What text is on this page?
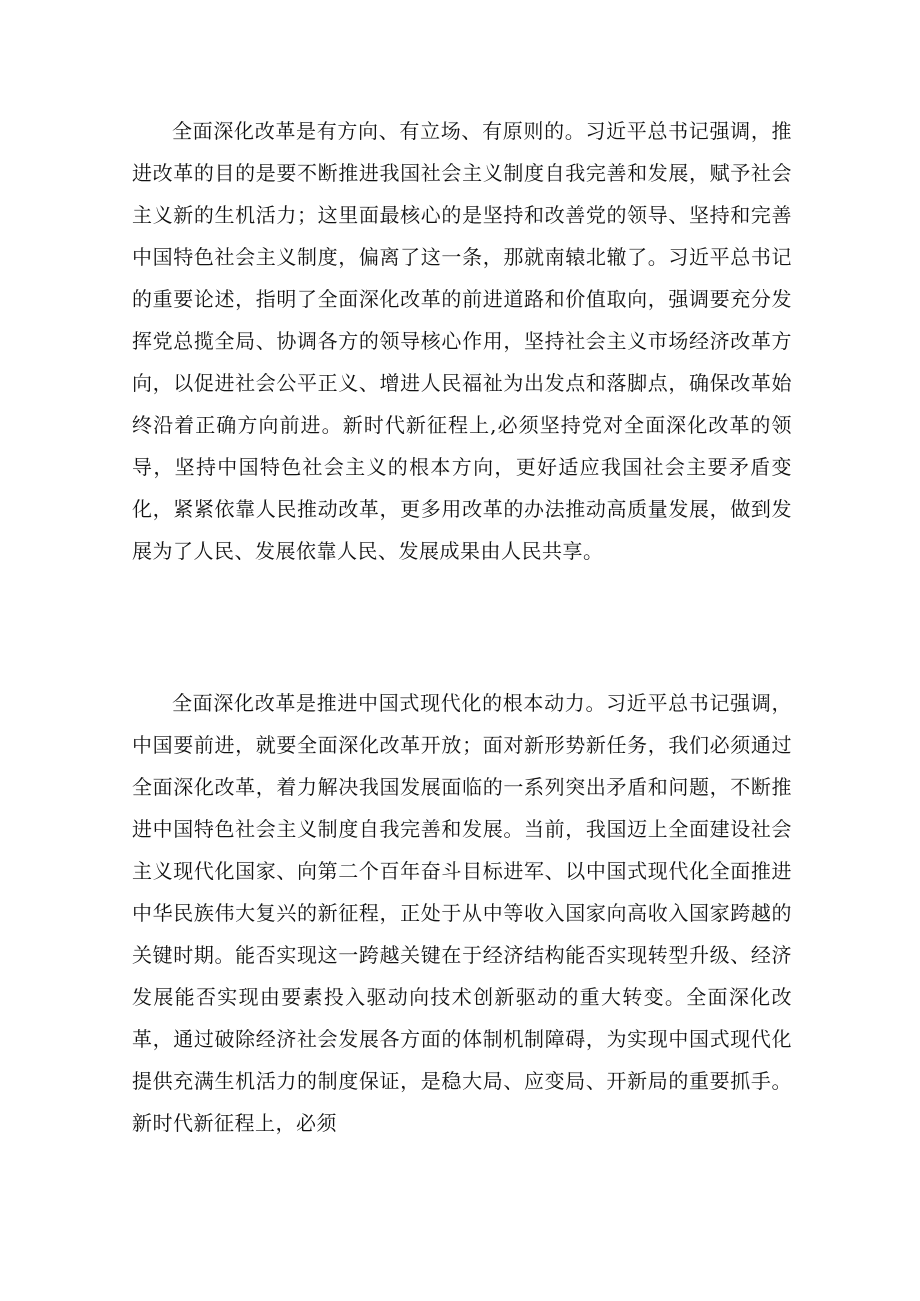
全面深化改革是有方向、有立场、有原则的。习近平总书记强调，推进改革的目的是要不断推进我国社会主义制度自我完善和发展，赋予社会主义新的生机活力；这里面最核心的是坚持和改善党的领导、坚持和完善中国特色社会主义制度，偏离了这一条，那就南辕北辙了。习近平总书记的重要论述，指明了全面深化改革的前进道路和价值取向，强调要充分发挥党总揽全局、协调各方的领导核心作用，坚持社会主义市场经济改革方向，以促进社会公平正义、增进人民福祉为出发点和落脚点，确保改革始终沿着正确方向前进。新时代新征程上,必须坚持党对全面深化改革的领导，坚持中国特色社会主义的根本方向，更好适应我国社会主要矛盾变化，紧紧依靠人民推动改革，更多用改革的办法推动高质量发展，做到发展为了人民、发展依靠人民、发展成果由人民共享。

全面深化改革是推进中国式现代化的根本动力。习近平总书记强调，中国要前进，就要全面深化改革开放；面对新形势新任务，我们必须通过全面深化改革，着力解决我国发展面临的一系列突出矛盾和问题，不断推进中国特色社会主义制度自我完善和发展。当前，我国迈上全面建设社会主义现代化国家、向第二个百年奋斗目标进军、以中国式现代化全面推进中华民族伟大复兴的新征程，正处于从中等收入国家向高收入国家跨越的关键时期。能否实现这一跨越关键在于经济结构能否实现转型升级、经济发展能否实现由要素投入驱动向技术创新驱动的重大转变。全面深化改革，通过破除经济社会发展各方面的体制机制障碍，为实现中国式现代化提供充满生机活力的制度保证，是稳大局、应变局、开新局的重要抓手。新时代新征程上，必须
